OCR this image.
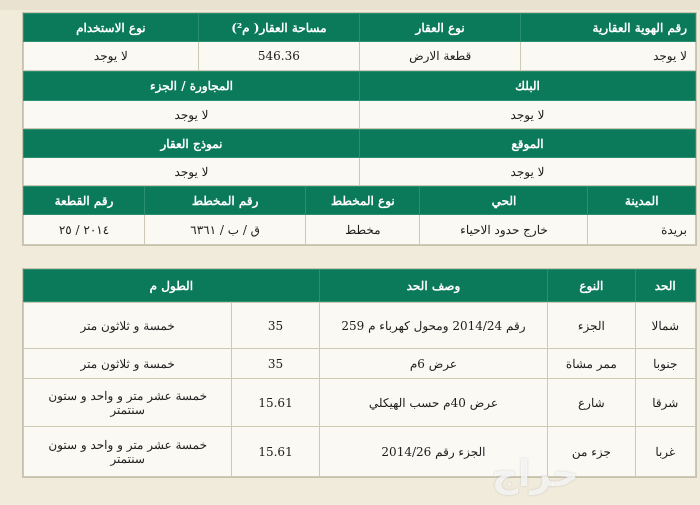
رقم الهوية العقارية	نوع العقار	مساحة العقار( م²)	نوع الاستخدام
لا يوجد	قطعة الارض	546.36	لا يوجد
البلك	المجاورة / الجزء
لا يوجد	لا يوجد
الموقع	نموذج العقار
لا يوجد	لا يوجد
المدينة	الحي	نوع المخطط	رقم المخطط	رقم القطعة
بريدة	خارج حدود الاحياء	مخطط	ق / ب / ٦٣٦١	٢٠١٤ / ٢٥
الحد	النوع	وصف الحد	الطول م
شمالا	الجزء	رقم 2014/24 ومحول كهرباء م 259	35	خمسة و ثلاثون متر
جنوبا	ممر مشاة	عرض 6م	35	خمسة و ثلاثون متر
شرقا	شارع	عرض 40م حسب الهيكلي	15.61	خمسة عشر متر و واحد و ستون سنتمتر
غربا	جزء من	الجزء رقم 2014/26	15.61	خمسة عشر متر و واحد و ستون سنتمتر	حراج
